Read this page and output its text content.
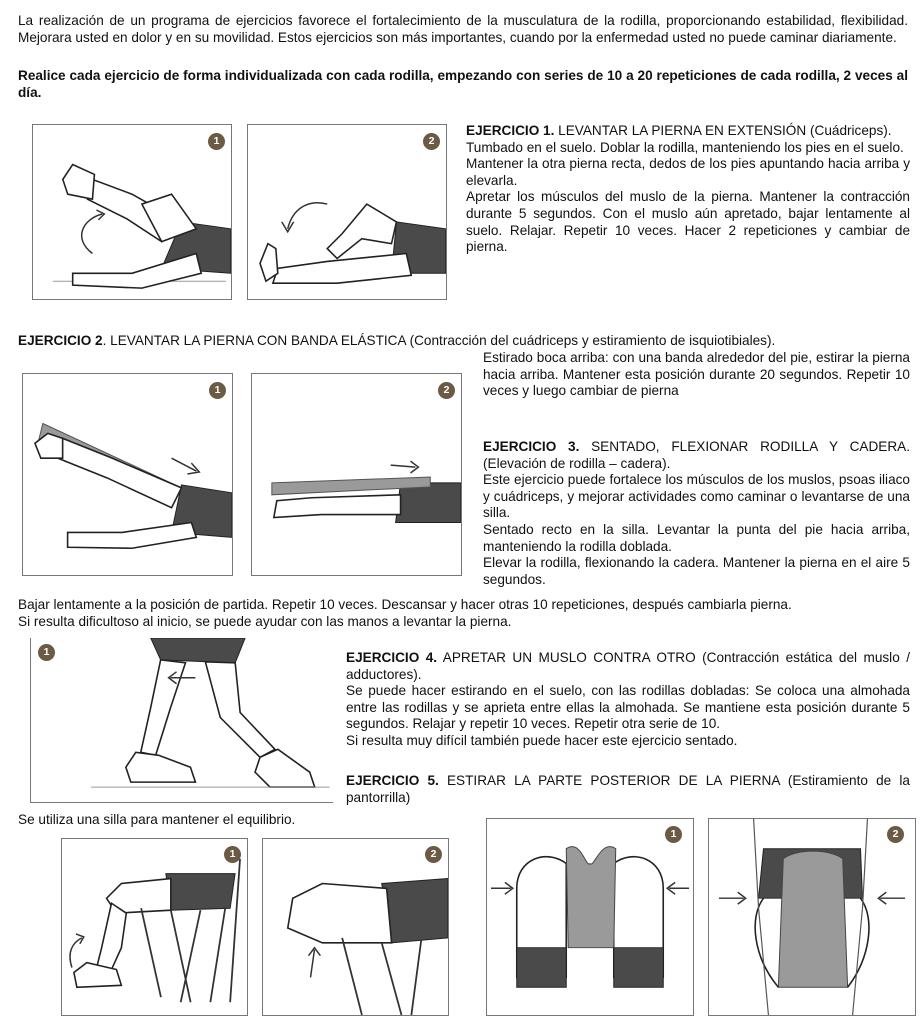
La realización de un programa de ejercicios favorece el fortalecimiento de la musculatura de la rodilla, proporcionando estabilidad, flexibilidad. Mejorara usted en dolor y en su movilidad. Estos ejercicios son más importantes, cuando por la enfermedad usted no puede caminar diariamente.

Realice cada ejercicio de forma individualizada con cada rodilla, empezando con series de 10 a 20 repeticiones de cada rodilla, 2 veces al día.

1	2
EJERCICIO 1. LEVANTAR LA PIERNA EN EXTENSIÓN (Cuádriceps).
Tumbado en el suelo. Doblar la rodilla, manteniendo los pies en el suelo.
Mantener la otra pierna recta, dedos de los pies apuntando hacia arriba y elevarla.
Apretar los músculos del muslo de la pierna. Mantener la contracción durante 5 segundos. Con el muslo aún apretado, bajar lentamente al suelo. Relajar. Repetir 10 veces. Hacer 2 repeticiones y cambiar de pierna.
EJERCICIO 2. LEVANTAR LA PIERNA CON BANDA ELÁSTICA (Contracción del cuádriceps y estiramiento de isquiotibiales).
1	2

Estirado boca arriba: con una banda alrededor del pie, estirar la pierna hacia arriba. Mantener esta posición durante 20 segundos. Repetir 10 veces y luego cambiar de pierna

EJERCICIO 3. SENTADO, FLEXIONAR RODILLA Y CADERA. (Elevación de rodilla – cadera).
Este ejercicio puede fortalece los músculos de los muslos, psoas iliaco y cuádriceps, y mejorar actividades como caminar o levantarse de una silla.
Sentado recto en la silla. Levantar la punta del pie hacia arriba, manteniendo la rodilla doblada.
Elevar la rodilla, flexionando la cadera. Mantener la pierna en el aire 5 segundos.

Bajar lentamente a la posición de partida. Repetir 10 veces. Descansar y hacer otras 10 repeticiones, después cambiarla pierna.

Si resulta dificultoso al inicio, se puede ayudar con las manos a levantar la pierna.

1	EJERCICIO 4. APRETAR UN MUSLO CONTRA OTRO (Contracción estática del muslo / adductores).
Se puede hacer estirando en el suelo, con las rodillas dobladas: Se coloca una almohada entre las rodillas y se aprieta entre ellas la almohada. Se mantiene esta posición durante 5 segundos. Relajar y repetir 10 veces. Repetir otra serie de 10.
Si resulta muy difícil también puede hacer este ejercicio sentado.
EJERCICIO 5. ESTIRAR LA PARTE POSTERIOR DE LA PIERNA (Estiramiento de la pantorrilla)

Se utiliza una silla para mantener el equilibrio.

1	2
1	2
